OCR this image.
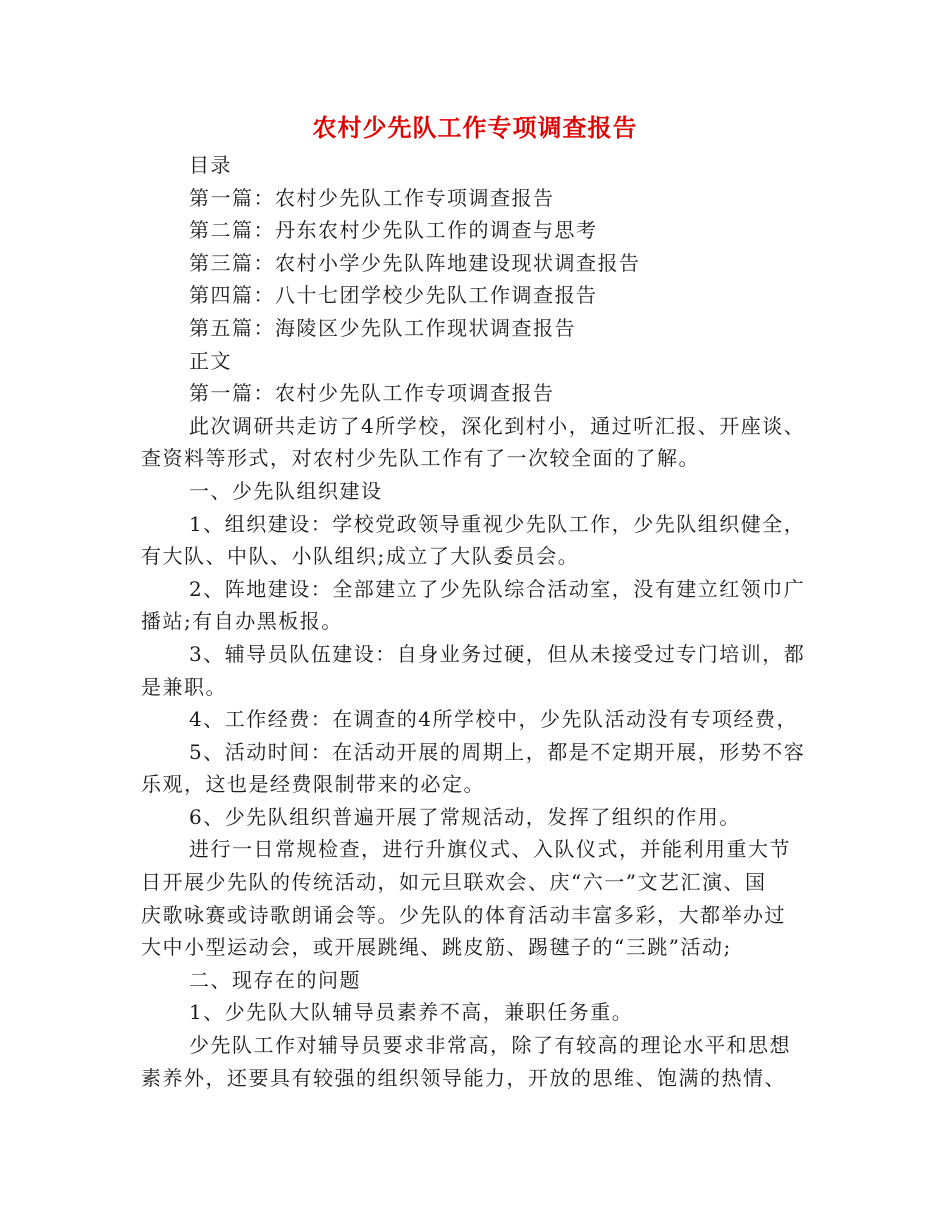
农村少先队工作专项调查报告
目录
第一篇：农村少先队工作专项调查报告
第二篇：丹东农村少先队工作的调查与思考
第三篇：农村小学少先队阵地建设现状调查报告
第四篇：八十七团学校少先队工作调查报告
第五篇：海陵区少先队工作现状调查报告
正文
第一篇：农村少先队工作专项调查报告
此次调研共走访了4所学校，深化到村小，通过听汇报、开座谈、
查资料等形式，对农村少先队工作有了一次较全面的了解。
一、少先队组织建设
1、组织建设：学校党政领导重视少先队工作，少先队组织健全，
有大队、中队、小队组织;成立了大队委员会。
2、阵地建设：全部建立了少先队综合活动室，没有建立红领巾广
播站;有自办黑板报。
3、辅导员队伍建设：自身业务过硬，但从未接受过专门培训，都
是兼职。
4、工作经费：在调查的4所学校中，少先队活动没有专项经费，
5、活动时间：在活动开展的周期上，都是不定期开展，形势不容
乐观，这也是经费限制带来的必定。
6、少先队组织普遍开展了常规活动，发挥了组织的作用。
进行一日常规检查，进行升旗仪式、入队仪式，并能利用重大节
日开展少先队的传统活动，如元旦联欢会、庆“六一”文艺汇演、国
庆歌咏赛或诗歌朗诵会等。少先队的体育活动丰富多彩，大都举办过
大中小型运动会，或开展跳绳、跳皮筋、踢毽子的“三跳”活动;
二、现存在的问题
1、少先队大队辅导员素养不高，兼职任务重。
少先队工作对辅导员要求非常高，除了有较高的理论水平和思想
素养外，还要具有较强的组织领导能力，开放的思维、饱满的热情、
